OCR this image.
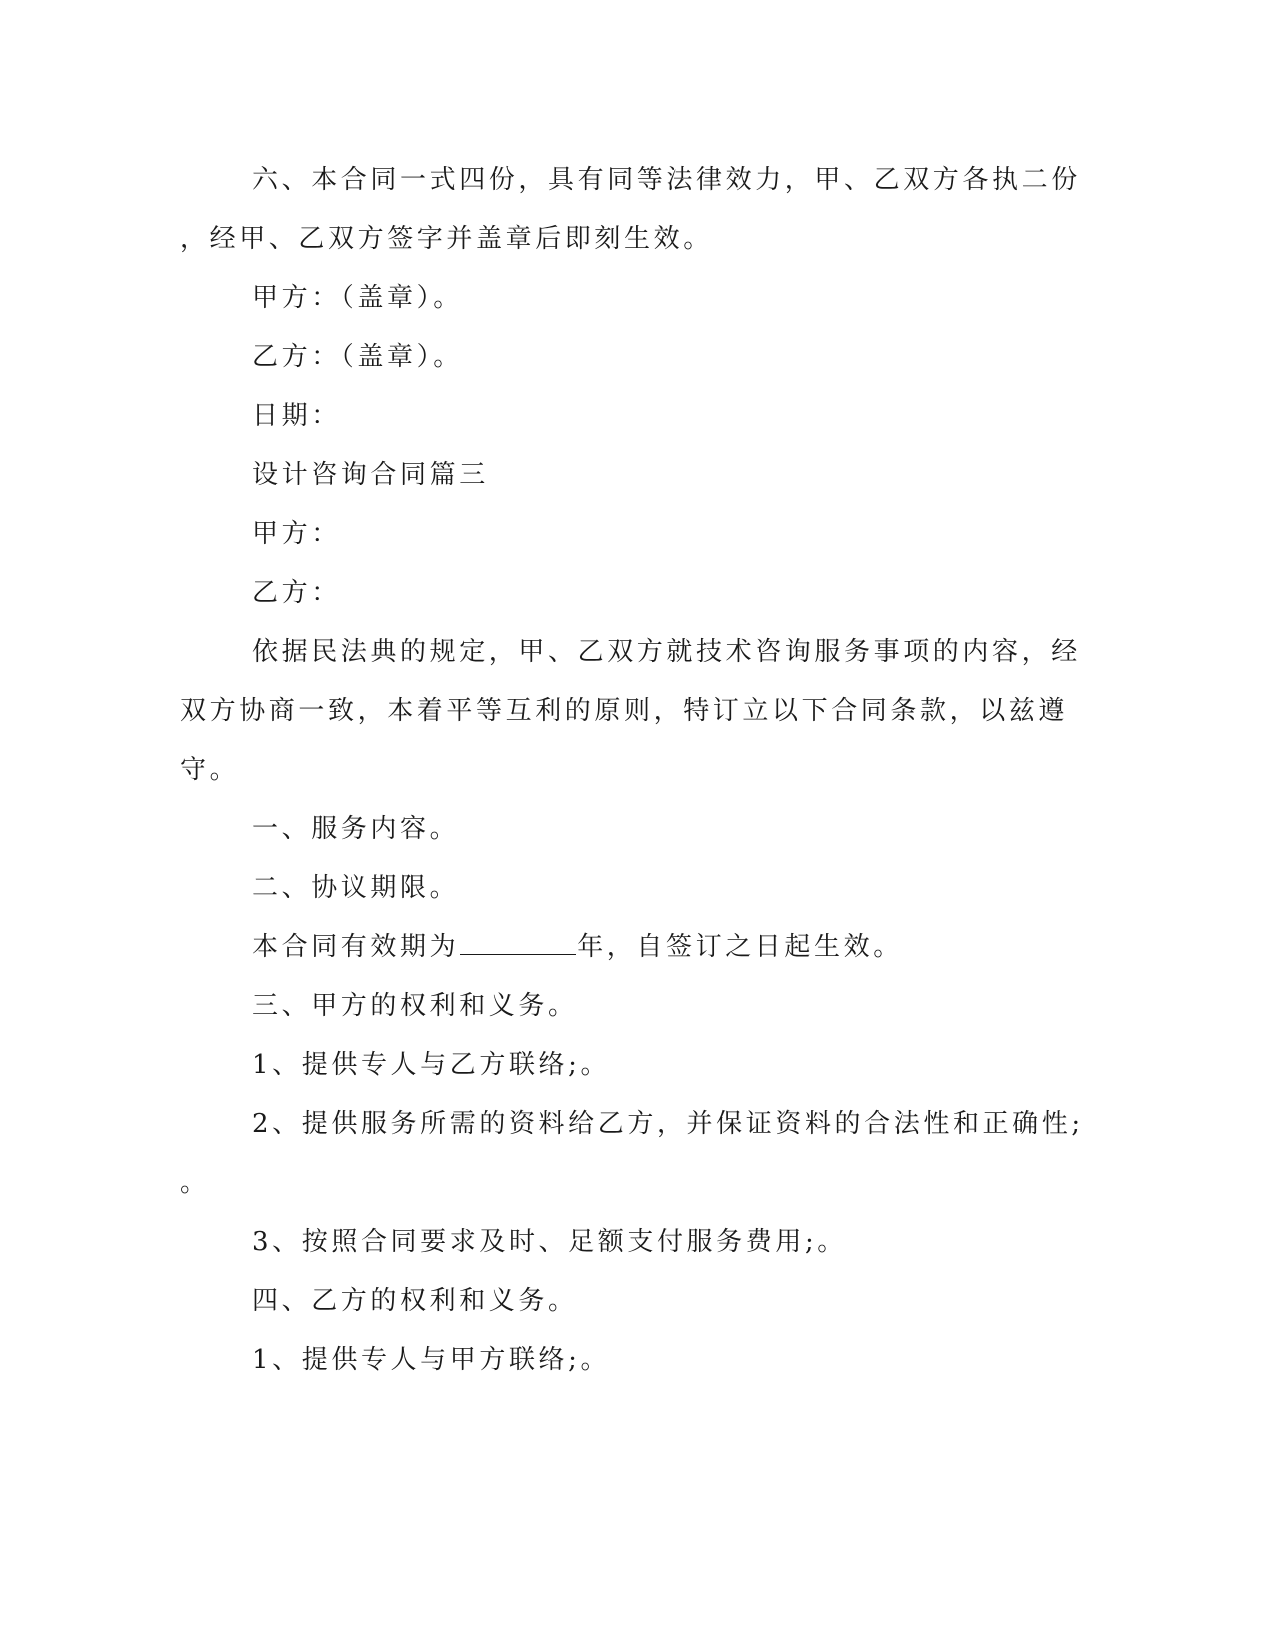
六、本合同一式四份，具有同等法律效力，甲、乙双方各执二份

，经甲、乙双方签字并盖章后即刻生效。

甲方：（盖章）。

乙方：（盖章）。

日期：

设计咨询合同篇三

甲方：

乙方：

依据民法典的规定，甲、乙双方就技术咨询服务事项的内容，经

双方协商一致，本着平等互利的原则，特订立以下合同条款，以兹遵

守。

一、服务内容。

二、协议期限。

本合同有效期为	年，自签订之日起生效。

三、甲方的权利和义务。

1、提供专人与乙方联络;。

2、提供服务所需的资料给乙方，并保证资料的合法性和正确性;

。

3、按照合同要求及时、足额支付服务费用;。

四、乙方的权利和义务。

1、提供专人与甲方联络;。
